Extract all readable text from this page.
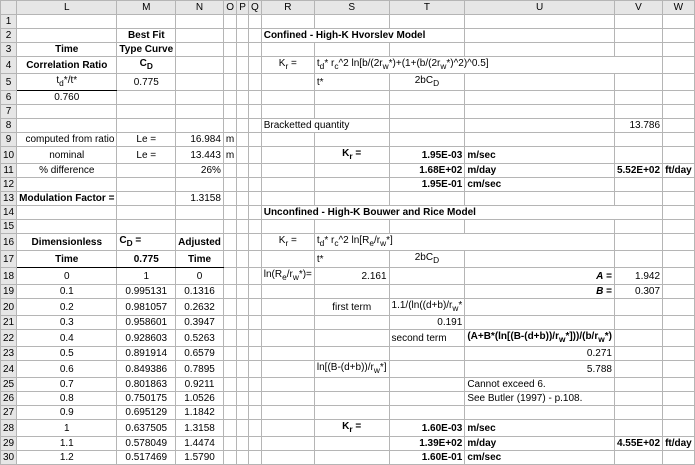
	L	M	N	O	P	Q	R	S	T	U	V	W
1												
2		Best Fit					Confined - High-K Hvorslev Model					
3	Time	Type Curve										
4	Correlation Ratio	$C_D$					$K_r$ =	$t_d*$ $r_c\^{}2$ $\ln[b/(2r_w*)+(1+(b/(2r_w*)\^{}2)\^{}0.5]$				
5	$t_d*/t*$	0.775						t*	$2bC_D$			
6	0.760											
7												
8							Bracketted quantity				13.786	
9	computed from ratio	Le =	16.984	m								
10	nominal	Le =	13.443	m				$K_r$ =	1.95E-03	m/sec		
11	% difference		26%						1.68E+02	m/day	5.52E+02	ft/day
12									1.95E-01	cm/sec		
13	Modulation Factor =		1.3158									
14							Unconfined - High-K Bouwer and Rice Model					
15												
16	Dimensionless	$C_D$ =	Adjusted				$K_r$ =	$t_d*$ $r_c\^{}2$ $\ln[R_e/r_w*]$				
17	Time	0.775	Time					t*	$2bC_D$			
18	0	1	0				$\ln(R_e/r_w*)=$	2.161		A =	1.942	
19	0.1	0.995131	0.1316							B =	0.307	
20	0.2	0.981057	0.2632					first term	$1.1/(\ln((d+b)/r_w*$			
21	0.3	0.958601	0.3947						0.191			
22	0.4	0.928603	0.5263						second term	$(A+B*(\ln[(B-(d+b))/r_w*]))/(b/r_w*)$		
23	0.5	0.891914	0.6579							0.271		
24	0.6	0.849386	0.7895					$\ln[(B-(d+b))/r_w*]$		5.788		
25	0.7	0.801863	0.9211							Cannot exceed 6.		
26	0.8	0.750175	1.0526							See Butler (1997) - p.108.		
27	0.9	0.695129	1.1842									
28	1	0.637505	1.3158					$K_r$ =	1.60E-03	m/sec		
29	1.1	0.578049	1.4474						1.39E+02	m/day	4.55E+02	ft/day
30	1.2	0.517469	1.5790						1.60E-01	cm/sec		
